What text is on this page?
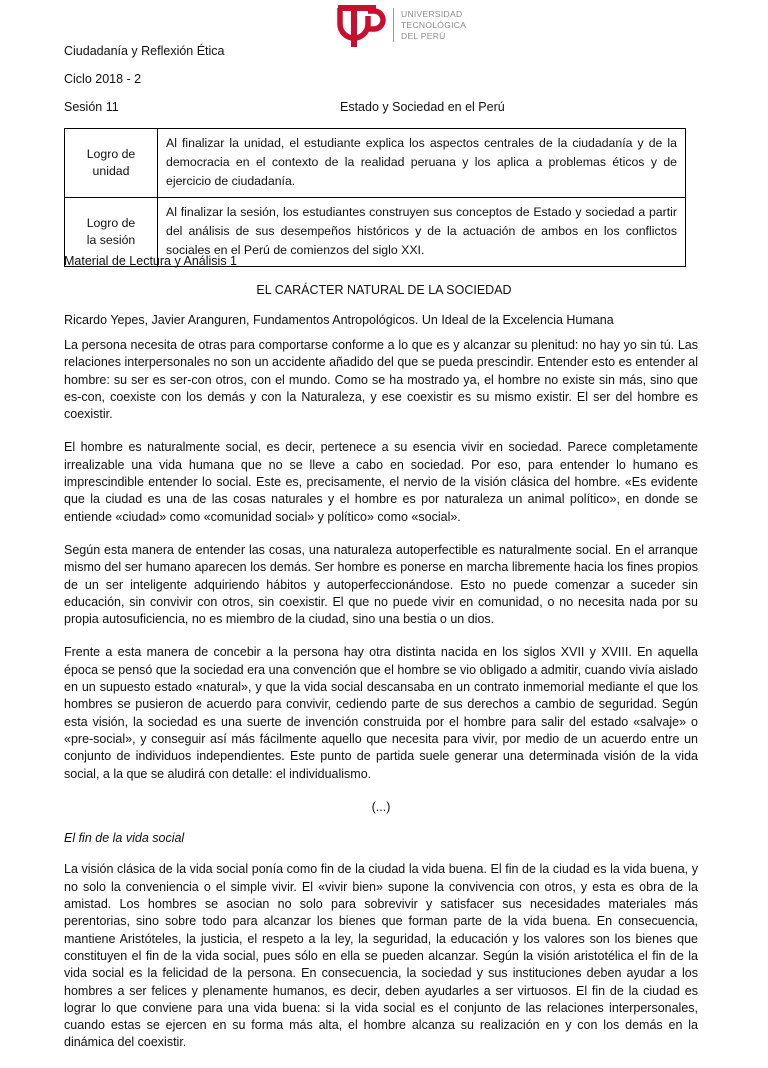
UNIVERSIDAD
TECNOLÓGICA
DEL PERÚ
Ciudadanía y Reflexión Ética
Ciclo 2018 - 2
Sesión 11	Estado y Sociedad en el Perú
Logro de
unidad	Al finalizar la unidad, el estudiante explica los aspectos centrales de la ciudadanía y de la democracia en el contexto de la realidad peruana y los aplica a problemas éticos y de ejercicio de ciudadanía.

Logro de
la sesión	Al finalizar la sesión, los estudiantes construyen sus conceptos de Estado y sociedad a partir del análisis de sus desempeños históricos y de la actuación de ambos en los conflictos sociales en el Perú de comienzos del siglo XXI.
Material de Lectura y Análisis 1
EL CARÁCTER NATURAL DE LA SOCIEDAD
Ricardo Yepes, Javier Aranguren, Fundamentos Antropológicos. Un Ideal de la Excelencia Humana

La persona necesita de otras para comportarse conforme a lo que es y alcanzar su plenitud: no hay yo sin tú. Las relaciones interpersonales no son un accidente añadido del que se pueda prescindir. Entender esto es entender al hombre: su ser es ser-con otros, con el mundo. Como se ha mostrado ya, el hombre no existe sin más, sino que es-con, coexiste con los demás y con la Naturaleza, y ese coexistir es su mismo existir. El ser del hombre es coexistir.

El hombre es naturalmente social, es decir, pertenece a su esencia vivir en sociedad. Parece completamente irrealizable una vida humana que no se lleve a cabo en sociedad. Por eso, para entender lo humano es imprescindible entender lo social. Este es, precisamente, el nervio de la visión clásica del hombre. «Es evidente que la ciudad es una de las cosas naturales y el hombre es por naturaleza un animal político», en donde se entiende «ciudad» como «comunidad social» y político» como «social».

Según esta manera de entender las cosas, una naturaleza autoperfectible es naturalmente social. En el arranque mismo del ser humano aparecen los demás. Ser hombre es ponerse en marcha libremente hacia los fines propios de un ser inteligente adquiriendo hábitos y autoperfeccionándose. Esto no puede comenzar a suceder sin educación, sin convivir con otros, sin coexistir. El que no puede vivir en comunidad, o no necesita nada por su propia autosuficiencia, no es miembro de la ciudad, sino una bestia o un dios.

Frente a esta manera de concebir a la persona hay otra distinta nacida en los siglos XVII y XVIII. En aquella época se pensó que la sociedad era una convención que el hombre se vio obligado a admitir, cuando vivía aislado en un supuesto estado «natural», y que la vida social descansaba en un contrato inmemorial mediante el que los hombres se pusieron de acuerdo para convivir, cediendo parte de sus derechos a cambio de seguridad. Según esta visión, la sociedad es una suerte de invención construida por el hombre para salir del estado «salvaje» o «pre-social», y conseguir así más fácilmente aquello que necesita para vivir, por medio de un acuerdo entre un conjunto de individuos independientes. Este punto de partida suele generar una determinada visión de la vida social, a la que se aludirá con detalle: el individualismo.

(...)

El fin de la vida social

La visión clásica de la vida social ponía como fin de la ciudad la vida buena. El fin de la ciudad es la vida buena, y no solo la conveniencia o el simple vivir. El «vivir bien» supone la convivencia con otros, y esta es obra de la amistad. Los hombres se asocian no solo para sobrevivir y satisfacer sus necesidades materiales más perentorias, sino sobre todo para alcanzar los bienes que forman parte de la vida buena. En consecuencia, mantiene Aristóteles, la justicia, el respeto a la ley, la seguridad, la educación y los valores son los bienes que constituyen el fin de la vida social, pues sólo en ella se pueden alcanzar. Según la visión aristotélica el fin de la vida social es la felicidad de la persona. En consecuencia, la sociedad y sus instituciones deben ayudar a los hombres a ser felices y plenamente humanos, es decir, deben ayudarles a ser virtuosos. El fin de la ciudad es lograr lo que conviene para una vida buena: si la vida social es el conjunto de las relaciones interpersonales, cuando estas se ejercen en su forma más alta, el hombre alcanza su realización en y con los demás en la dinámica del coexistir.
